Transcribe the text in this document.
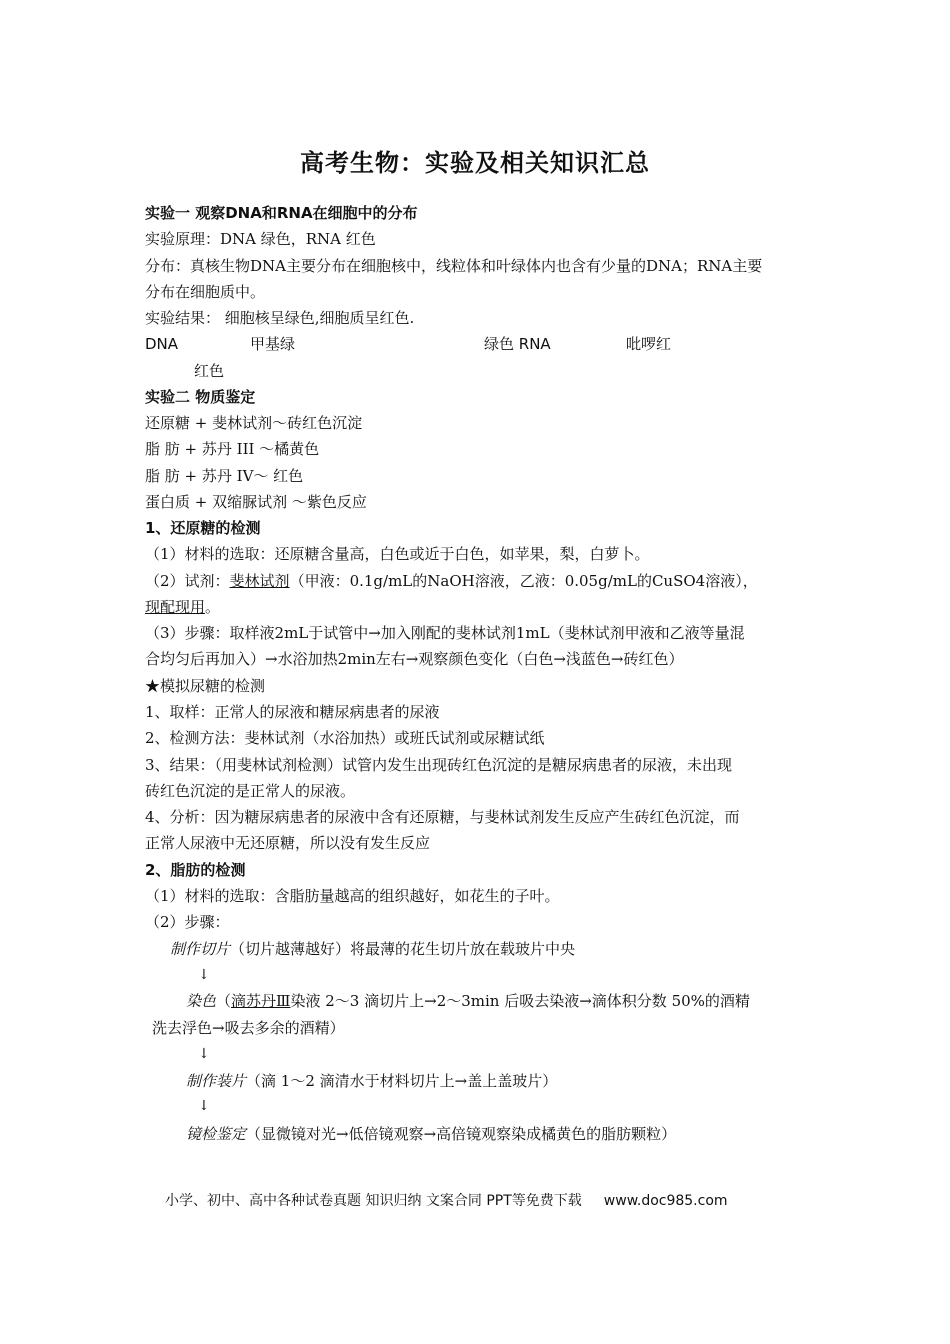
高考生物：实验及相关知识汇总
实验一 观察DNA和RNA在细胞中的分布
实验原理：DNA 绿色，RNA 红色
分布：真核生物DNA主要分布在细胞核中，线粒体和叶绿体内也含有少量的DNA；RNA主要
分布在细胞质中。
实验结果： 细胞核呈绿色,细胞质呈红色.
DNA	甲基绿	绿色 RNA	吡啰红
红色
实验二 物质鉴定
还原糖 + 斐林试剂～砖红色沉淀
脂 肪 + 苏丹 III ～橘黄色
脂 肪 + 苏丹 IV～ 红色
蛋白质 + 双缩脲试剂 ～紫色反应
1、还原糖的检测
（1）材料的选取：还原糖含量高，白色或近于白色，如苹果，梨，白萝卜。
（2）试剂：斐林试剂（甲液：0.1g/mL的NaOH溶液，乙液：0.05g/mL的CuSO4溶液），
现配现用。
（3）步骤：取样液2mL于试管中→加入刚配的斐林试剂1mL（斐林试剂甲液和乙液等量混
合均匀后再加入）→水浴加热2min左右→观察颜色变化（白色→浅蓝色→砖红色）
★模拟尿糖的检测
1、取样：正常人的尿液和糖尿病患者的尿液
2、检测方法：斐林试剂（水浴加热）或班氏试剂或尿糖试纸
3、结果：（用斐林试剂检测）试管内发生出现砖红色沉淀的是糖尿病患者的尿液，未出现
砖红色沉淀的是正常人的尿液。
4、分析：因为糖尿病患者的尿液中含有还原糖，与斐林试剂发生反应产生砖红色沉淀，而
正常人尿液中无还原糖，所以没有发生反应
2、脂肪的检测
（1）材料的选取：含脂肪量越高的组织越好，如花生的子叶。
（2）步骤：
制作切片（切片越薄越好）将最薄的花生切片放在载玻片中央
↓
染色（滴苏丹Ⅲ染液 2～3 滴切片上→2～3min 后吸去染液→滴体积分数 50%的酒精
洗去浮色→吸去多余的酒精）
↓
制作装片（滴 1～2 滴清水于材料切片上→盖上盖玻片）
↓
镜检鉴定（显微镜对光→低倍镜观察→高倍镜观察染成橘黄色的脂肪颗粒）
小学、初中、高中各种试卷真题 知识归纳 文案合同 PPT等免费下载 www.doc985.com
